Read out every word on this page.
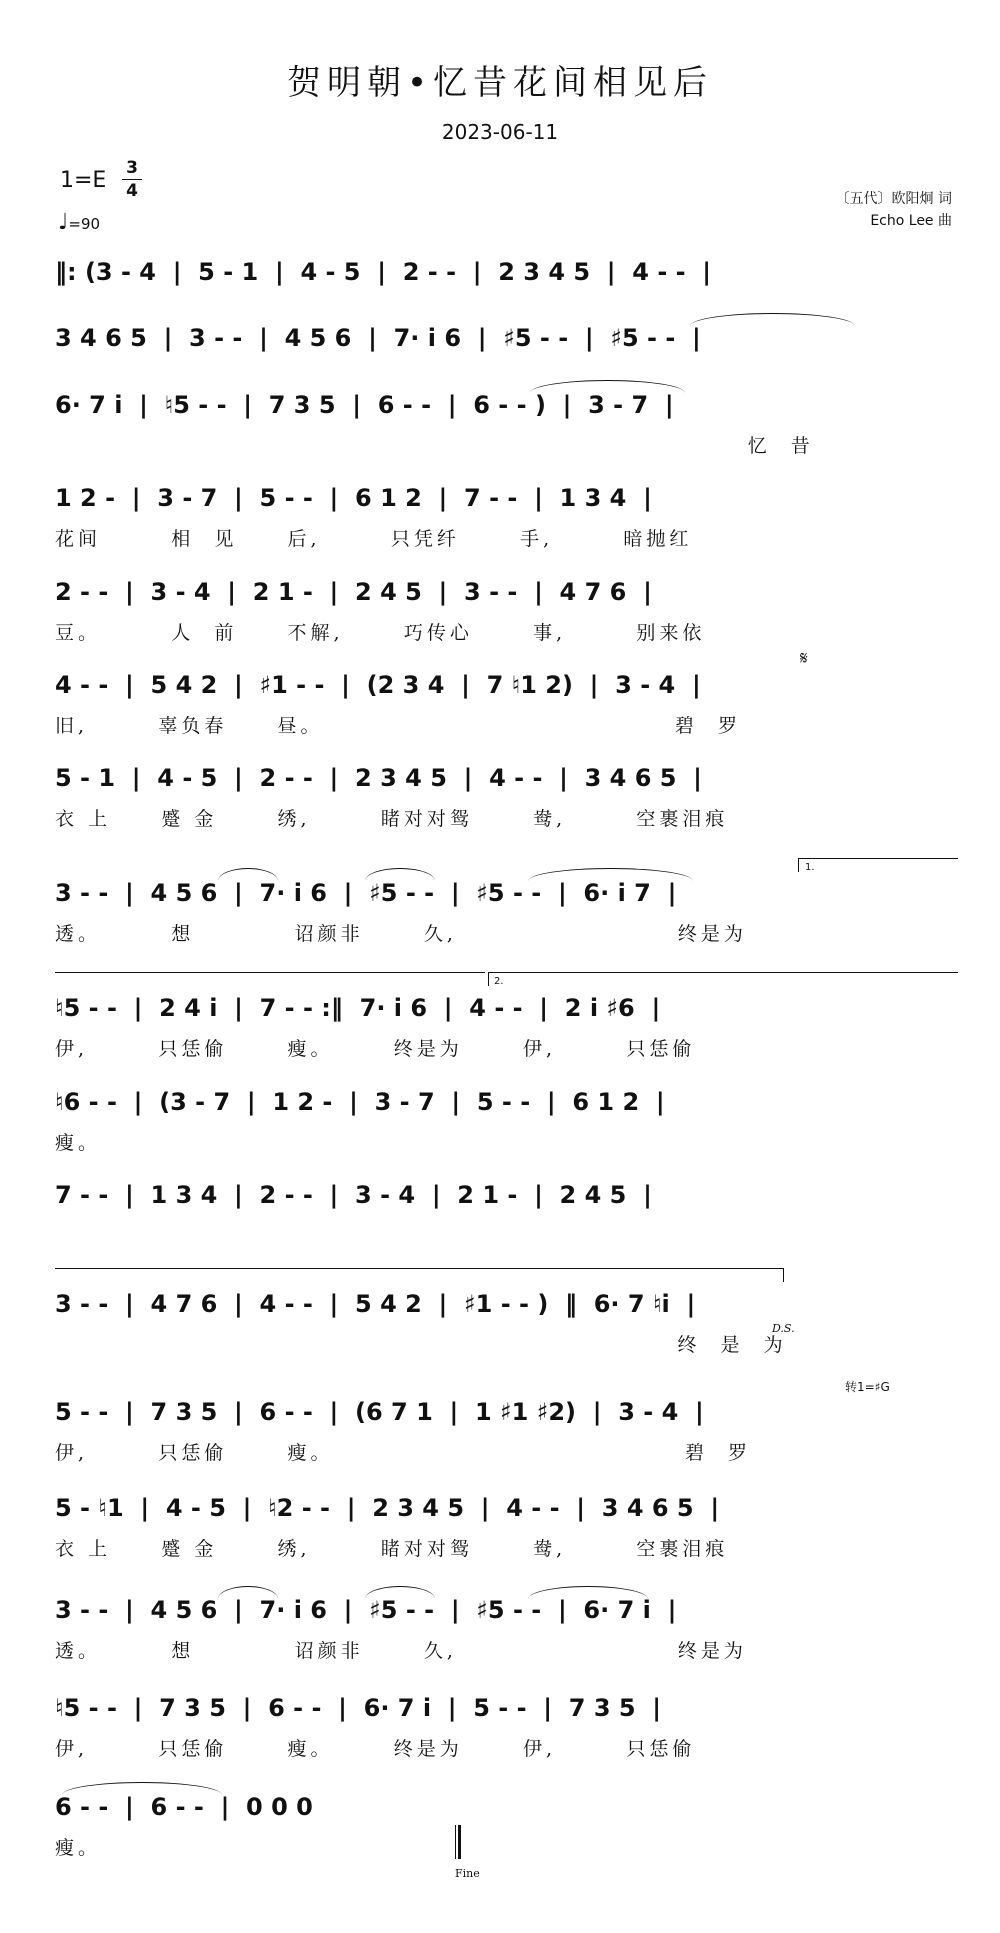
贺明朝•忆昔花间相见后
2023-06-11
1=E 3
4
♩=90
〔五代〕欧阳炯 词
Echo Lee 曲
𝄋
D.S.
转1=♯G
1.
2.
‖: (3 - 4  |  5 - 1  |  4 - 5  |  2 - -  |  2 3 4 5  |  4 - -  |
3 4 6 5  |  3 - -  |  4 5 6  |  7· i 6  |  ♯5 - -  |  ♯5 - -  |
6· 7 i  |  ♮5 - -  |  7 3 5  |  6 - -  |  6 - - )  |  3 - 7  |
忆  昔
1 2 -  |  3 - 7  |  5 - -  |  6 1 2  |  7 - -  |  1 3 4  |
花间       相  见     后,       只凭纤      手,       暗抛红
2 - -  |  3 - 4  |  2 1 -  |  2 4 5  |  3 - -  |  4 7 6  |
豆。       人  前     不解,      巧传心      事,       别来依
4 - -  |  5 4 2  |  ♯1 - -  |  (2 3 4  |  7 ♮1 2)  |  3 - 4  |
旧,       辜负春     昼。                                   碧  罗
5 - 1  |  4 - 5  |  2 - -  |  2 3 4 5  |  4 - -  |  3 4 6 5  |
衣 上     蹙 金      绣,       睹对对鸳      鸯,       空裹泪痕
3 - -  |  4 5 6  |  7· i 6  |  ♯5 - -  |  ♯5 - -  |  6· i 7  |
透。       想          诏颜非      久,                      终是为
♮5 - -  |  2 4 i  |  7 - - :‖  7· i 6  |  4 - -  |  2 i ♯6  |
伊,       只恁偷      瘦。      终是为      伊,       只恁偷
♮6 - -  |  (3 - 7  |  1 2 -  |  3 - 7  |  5 - -  |  6 1 2  |
瘦。
7 - -  |  1 3 4  |  2 - -  |  3 - 4  |  2 1 -  |  2 4 5  |
3 - -  |  4 7 6  |  4 - -  |  5 4 2  |  ♯1 - - )  ‖  6· 7 ♮i  |
终  是  为
5 - -  |  7 3 5  |  6 - -  |  (6 7 1  |  1 ♯1 ♯2)  |  3 - 4  |
伊,       只恁偷      瘦。                                   碧  罗
5 - ♮1  |  4 - 5  |  ♮2 - -  |  2 3 4 5  |  4 - -  |  3 4 6 5  |
衣 上     蹙 金      绣,       睹对对鸳      鸯,       空裹泪痕
3 - -  |  4 5 6  |  7· i 6  |  ♯5 - -  |  ♯5 - -  |  6· 7 i  |
透。       想          诏颜非      久,                      终是为
♮5 - -  |  7 3 5  |  6 - -  |  6· 7 i  |  5 - -  |  7 3 5  |
伊,       只恁偷      瘦。      终是为      伊,       只恁偷
6 - -  |  6 - -  |  0 0 0
瘦。
Fine
